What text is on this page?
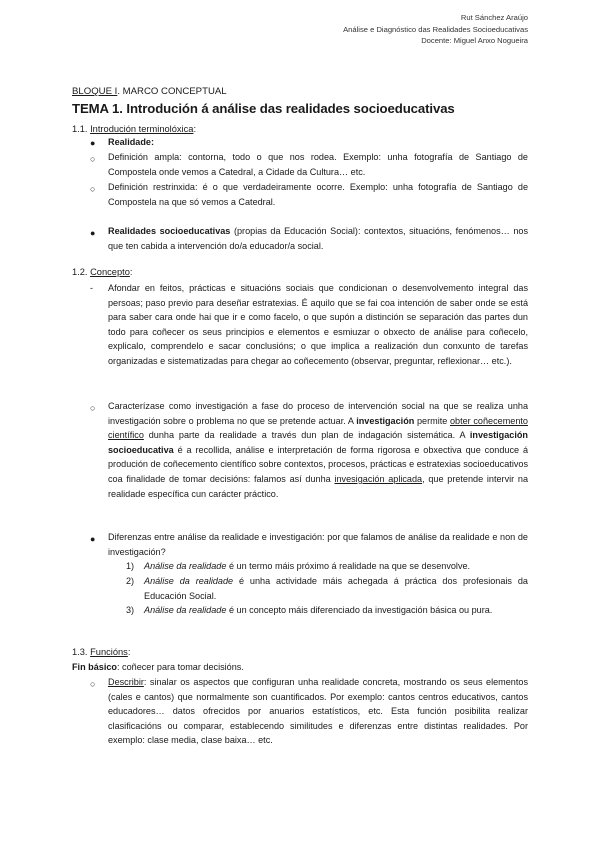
Rut Sánchez Araújo
Análise e Diagnóstico das Realidades Socioeducativas
Docente: Miguel Anxo Nogueira
BLOQUE I. MARCO CONCEPTUAL
TEMA 1. Introdución á análise das realidades socioeducativas
1.1. Introdución terminolóxica:
● Realidade:
○ Definición ampla: contorna, todo o que nos rodea. Exemplo: unha fotografía de Santiago de Compostela onde vemos a Catedral, a Cidade da Cultura… etc.
○ Definición restrinxida: é o que verdadeiramente ocorre. Exemplo: unha fotografía de Santiago de Compostela na que só vemos a Catedral.
● Realidades socioeducativas (propias da Educación Social): contextos, situacións, fenómenos… nos que ten cabida a intervención do/a educador/a social.
1.2. Concepto:
- Afondar en feitos, prácticas e situacións sociais que condicionan o desenvolvemento integral das persoas; paso previo para deseñar estratexias. É aquilo que se fai coa intención de saber onde se está para saber cara onde hai que ir e como facelo, o que supón a distinción se separación das partes dun todo para coñecer os seus principios e elementos e esmiuzar o obxecto de análise para coñecelo, explicalo, comprendelo e sacar conclusións; o que implica a realización dun conxunto de tarefas organizadas e sistematizadas para chegar ao coñecemento (observar, preguntar, reflexionar… etc.).
○ Caracterízase como investigación a fase do proceso de intervención social na que se realiza unha investigación sobre o problema no que se pretende actuar. A investigación permite obter coñecemento científico dunha parte da realidade a través dun plan de indagación sistemática. A investigación socioeducativa é a recollida, análise e interpretación de forma rigorosa e obxectiva que conduce á produción de coñecemento científico sobre contextos, procesos, prácticas e estratexias socioeducativos coa finalidade de tomar decisións: falamos así dunha invesigación aplicada, que pretende intervir na realidade específica cun carácter práctico.
● Diferenzas entre análise da realidade e investigación: por que falamos de análise da realidade e non de investigación?
1) Análise da realidade é un termo máis próximo á realidade na que se desenvolve.
2) Análise da realidade é unha actividade máis achegada á práctica dos profesionais da Educación Social.
3) Análise da realidade é un concepto máis diferenciado da investigación básica ou pura.
1.3. Funcións:
Fin básico: coñecer para tomar decisións.
○ Describir: sinalar os aspectos que configuran unha realidade concreta, mostrando os seus elementos (cales e cantos) que normalmente son cuantificados. Por exemplo: cantos centros educativos, cantos educadores… datos ofrecidos por anuarios estatísticos, etc. Esta función posibilita realizar clasificacións ou comparar, establecendo similitudes e diferenzas entre distintas realidades. Por exemplo: clase media, clase baixa… etc.
